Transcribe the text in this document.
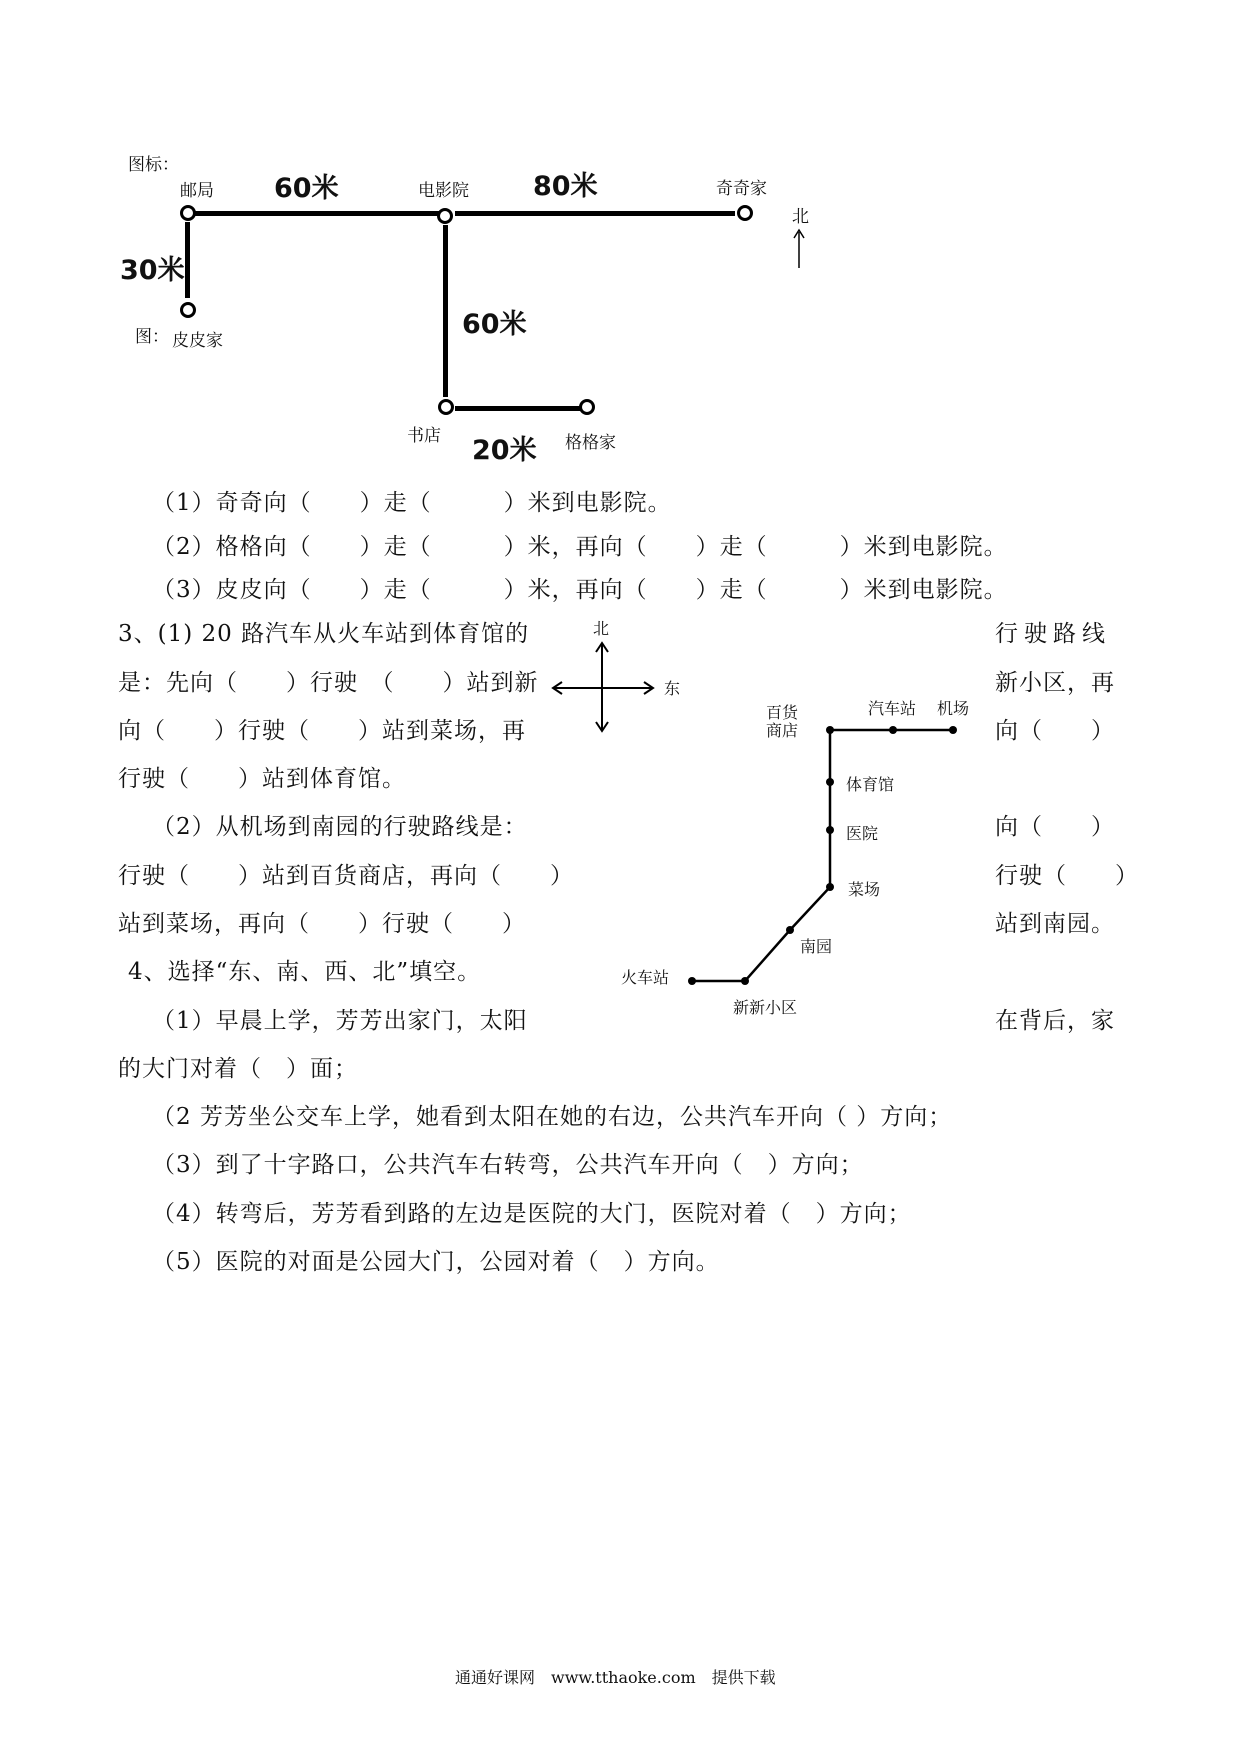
图标：
邮局 60米	电影院 80米	奇奇家
30米
图： 皮皮家
60米
书店 20米 格格家
北
（1）奇奇向（　　）走（　　　）米到电影院。
（2）格格向（　　）走（　　　）米，再向（　　）走（　　　）米到电影院。
（3）皮皮向（　　）走（　　　）米，再向（　　）走（　　　）米到电影院。
3、(1) 20 路汽车从火车站到体育馆的	行驶路线
是：先向（　　）行驶　（　　）站到新	新小区，再
向（　　）行驶（　　）站到菜场，再	向（　　）
行驶（　　）站到体育馆。
（2）从机场到南园的行驶路线是：	向（　　）
行驶（　　）站到百货商店，再向（　　）	行驶（　　）
站到菜场，再向（　　）行驶（　　）	站到南园。
北
东
百货
商店
汽车站 机场
体育馆
医院
菜场
南园
火车站
新新小区
4、选择“东、南、西、北”填空。
（1）早晨上学，芳芳出家门，太阳	在背后，家
的大门对着（　）面；
（2 芳芳坐公交车上学，她看到太阳在她的右边，公共汽车开向（ ）方向；
（3）到了十字路口，公共汽车右转弯，公共汽车开向（　）方向；
（4）转弯后，芳芳看到路的左边是医院的大门，医院对着（　）方向；
（5）医院的对面是公园大门，公园对着（　）方向。
通通好课网　www.tthaoke.com　提供下载
